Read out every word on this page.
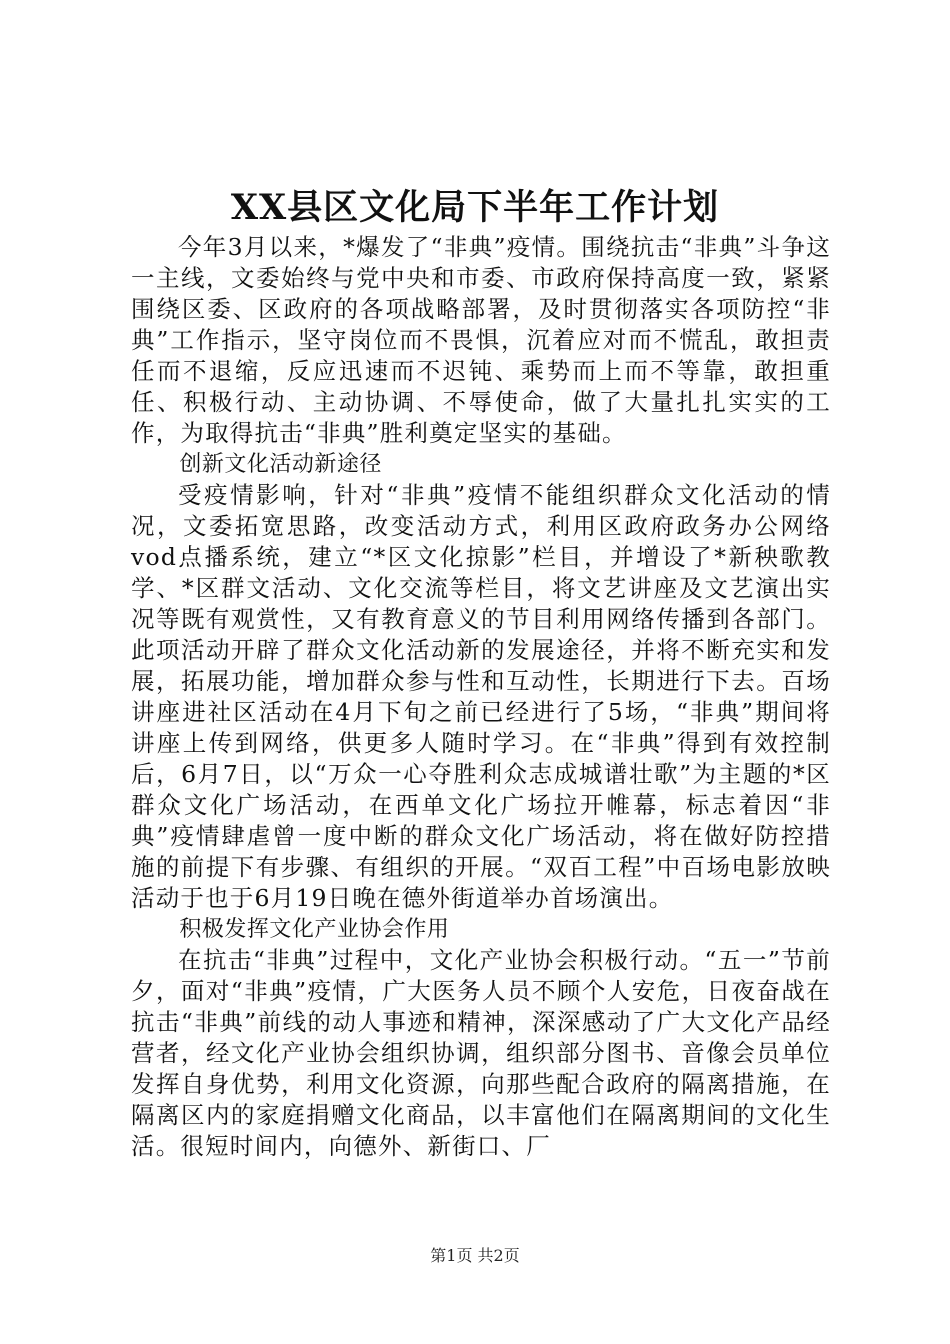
XX县区文化局下半年工作计划

今年3月以来，*爆发了“非典”疫情。围绕抗击“非典”斗争这一主线，文委始终与党中央和市委、市政府保持高度一致，紧紧围绕区委、区政府的各项战略部署，及时贯彻落实各项防控“非典”工作指示，坚守岗位而不畏惧，沉着应对而不慌乱，敢担责任而不退缩，反应迅速而不迟钝、乘势而上而不等靠，敢担重任、积极行动、主动协调、不辱使命，做了大量扎扎实实的工作，为取得抗击“非典”胜利奠定坚实的基础。

创新文化活动新途径

受疫情影响，针对“非典”疫情不能组织群众文化活动的情况，文委拓宽思路，改变活动方式，利用区政府政务办公网络vod点播系统，建立“*区文化掠影”栏目，并增设了*新秧歌教学、*区群文活动、文化交流等栏目，将文艺讲座及文艺演出实况等既有观赏性，又有教育意义的节目利用网络传播到各部门。此项活动开辟了群众文化活动新的发展途径，并将不断充实和发展，拓展功能，增加群众参与性和互动性，长期进行下去。百场讲座进社区活动在4月下旬之前已经进行了5场，“非典”期间将讲座上传到网络，供更多人随时学习。在“非典”得到有效控制后，6月7日，以“万众一心夺胜利众志成城谱壮歌”为主题的*区群众文化广场活动，在西单文化广场拉开帷幕，标志着因“非典”疫情肆虐曾一度中断的群众文化广场活动，将在做好防控措施的前提下有步骤、有组织的开展。“双百工程”中百场电影放映活动于也于6月19日晚在德外街道举办首场演出。

积极发挥文化产业协会作用

在抗击“非典”过程中，文化产业协会积极行动。“五一”节前夕，面对“非典”疫情，广大医务人员不顾个人安危，日夜奋战在抗击“非典”前线的动人事迹和精神，深深感动了广大文化产品经营者，经文化产业协会组织协调，组织部分图书、音像会员单位发挥自身优势，利用文化资源，向那些配合政府的隔离措施，在隔离区内的家庭捐赠文化商品，以丰富他们在隔离期间的文化生活。很短时间内，向德外、新街口、厂

第1页 共2页
